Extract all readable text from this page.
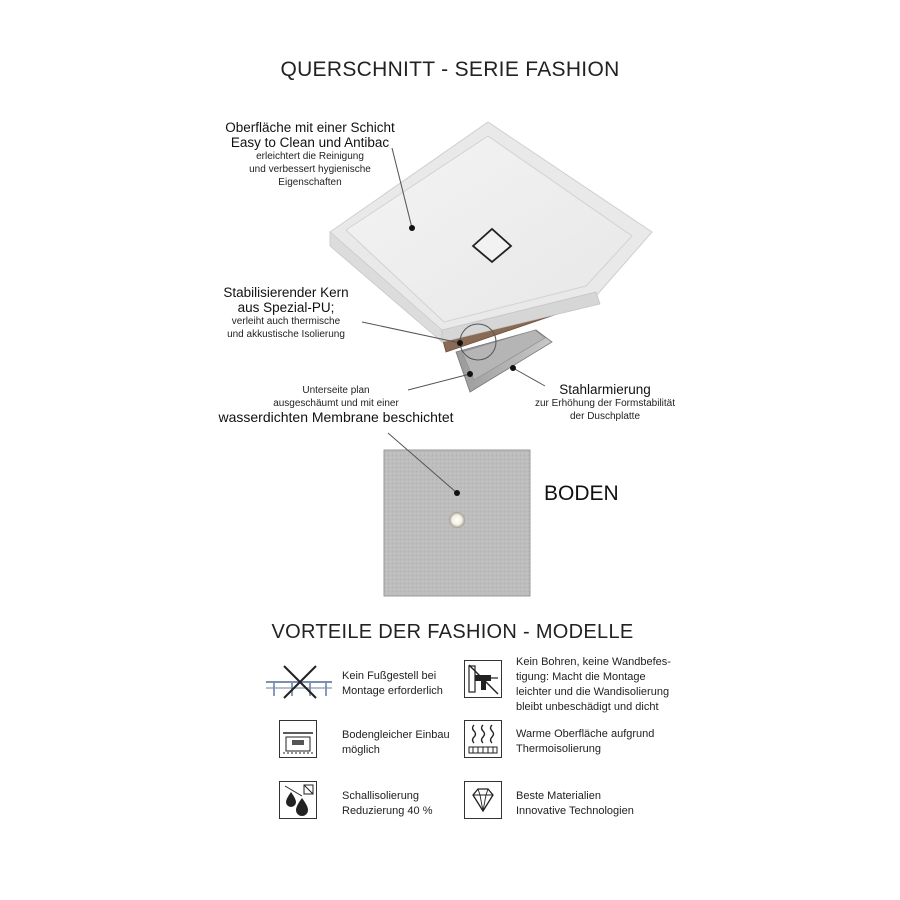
QUERSCHNITT - SERIE FASHION
Oberfläche mit einer Schicht
Easy to Clean und Antibac
erleichtert die Reinigung
und verbessert hygienische
Eigenschaften
Stabilisierender Kern
aus Spezial-PU;
verleiht auch thermische
und akkustische Isolierung
Stahlarmierung
zur Erhöhung der Formstabilität
der Duschplatte
Unterseite plan
ausgeschäumt und mit einer
wasserdichten Membrane beschichtet
BODEN
VORTEILE DER FASHION - MODELLE
Kein Fußgestell bei
Montage erforderlich
Kein Bohren, keine Wandbefes-
tigung: Macht die Montage
leichter und die Wandisolierung
bleibt unbeschädigt und dicht
Bodengleicher Einbau
möglich
Warme Oberfläche aufgrund
Thermoisolierung
Schallisolierung
Reduzierung 40 %
Beste Materialien
Innovative Technologien
